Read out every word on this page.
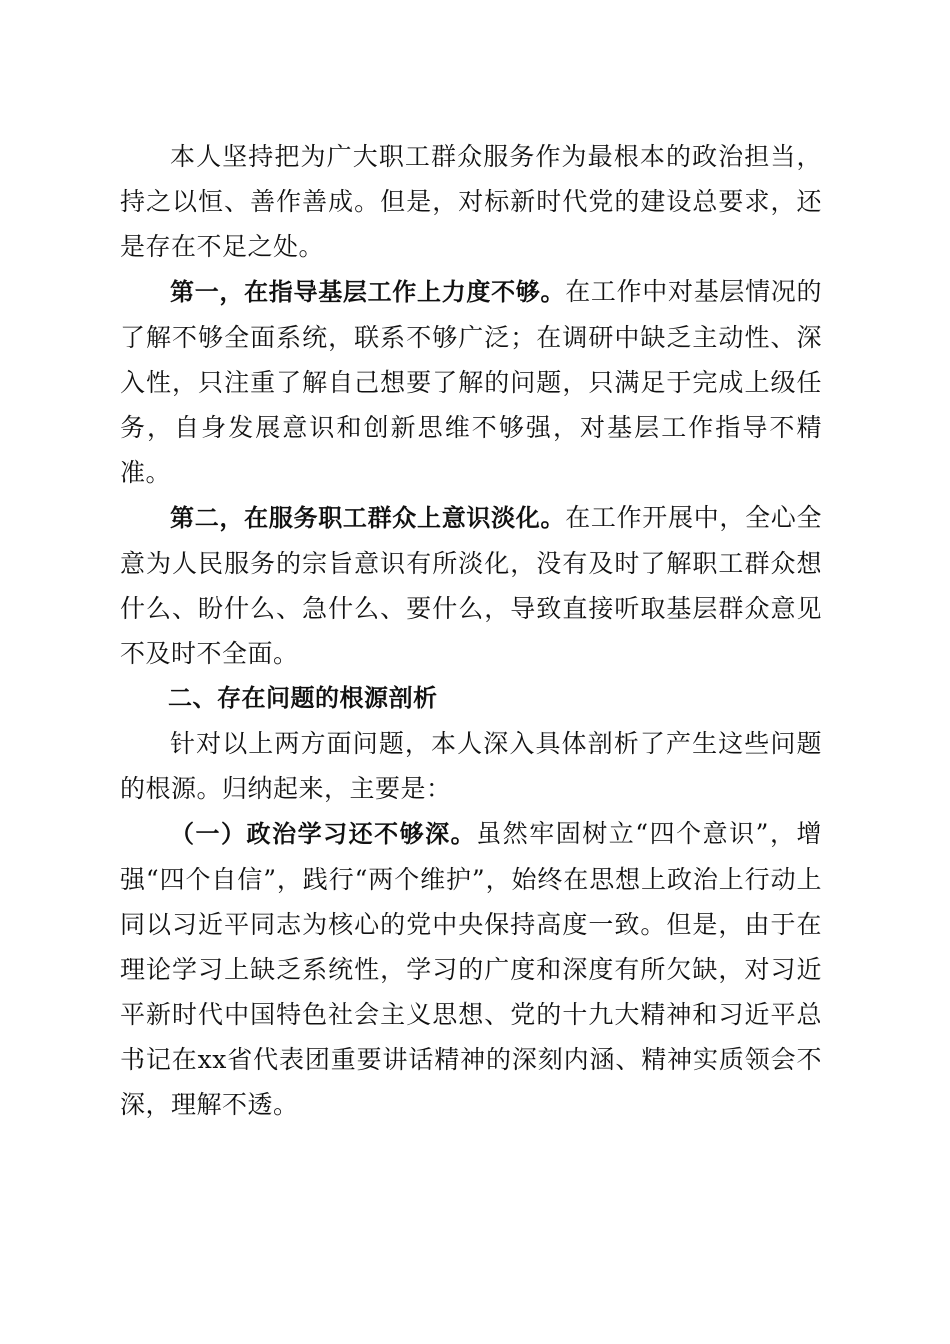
本人坚持把为广大职工群众服务作为最根本的政治担当，持之以恒、善作善成。但是，对标新时代党的建设总要求，还是存在不足之处。

第一，在指导基层工作上力度不够。在工作中对基层情况的了解不够全面系统，联系不够广泛；在调研中缺乏主动性、深入性，只注重了解自己想要了解的问题，只满足于完成上级任务，自身发展意识和创新思维不够强，对基层工作指导不精准。

第二，在服务职工群众上意识淡化。在工作开展中，全心全意为人民服务的宗旨意识有所淡化，没有及时了解职工群众想什么、盼什么、急什么、要什么，导致直接听取基层群众意见不及时不全面。

二、存在问题的根源剖析

针对以上两方面问题，本人深入具体剖析了产生这些问题的根源。归纳起来，主要是：

（一）政治学习还不够深。虽然牢固树立“四个意识”，增强“四个自信”，践行“两个维护”，始终在思想上政治上行动上同以习近平同志为核心的党中央保持高度一致。但是，由于在理论学习上缺乏系统性，学习的广度和深度有所欠缺，对习近平新时代中国特色社会主义思想、党的十九大精神和习近平总书记在xx省代表团重要讲话精神的深刻内涵、精神实质领会不深，理解不透。
